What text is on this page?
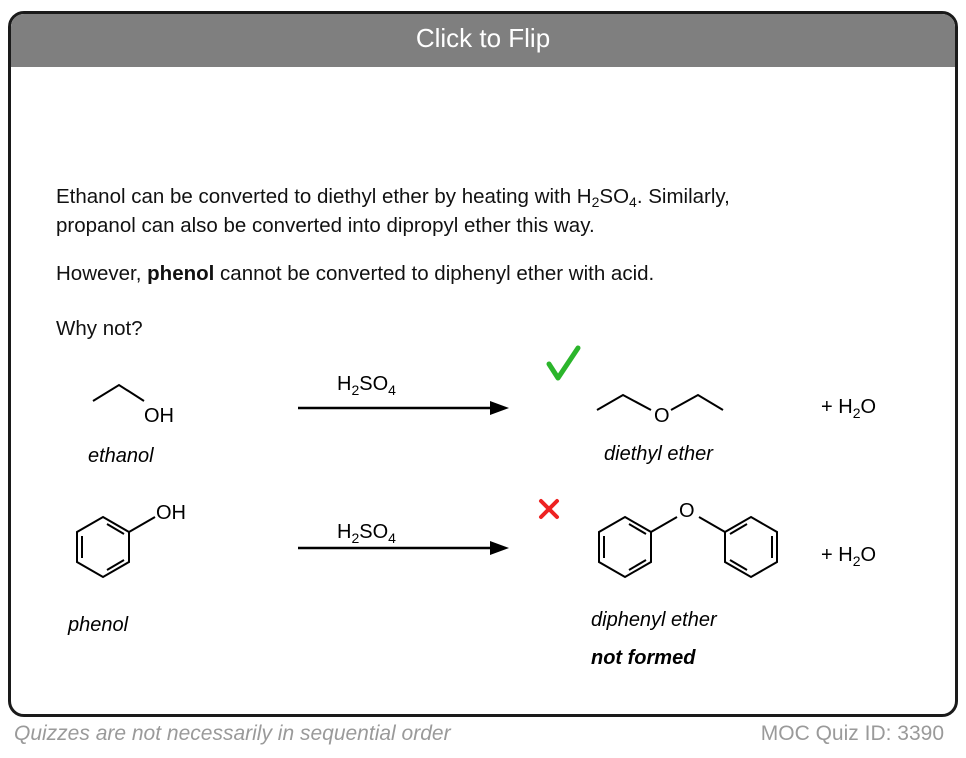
Click to Flip
Ethanol can be converted to diethyl ether by heating with $H_2SO_4$. Similarly,
propanol can also be converted into dipropyl ether this way.
However, phenol cannot be converted to diphenyl ether with acid.
Why not?
OH
ethanol
$H_2SO_4$
O
diethyl ether
+ $H_2O$
OH
phenol
$H_2SO_4$
O
diphenyl ether
not formed
+ $H_2O$
Quizzes are not necessarily in sequential order	MOC Quiz ID: 3390
